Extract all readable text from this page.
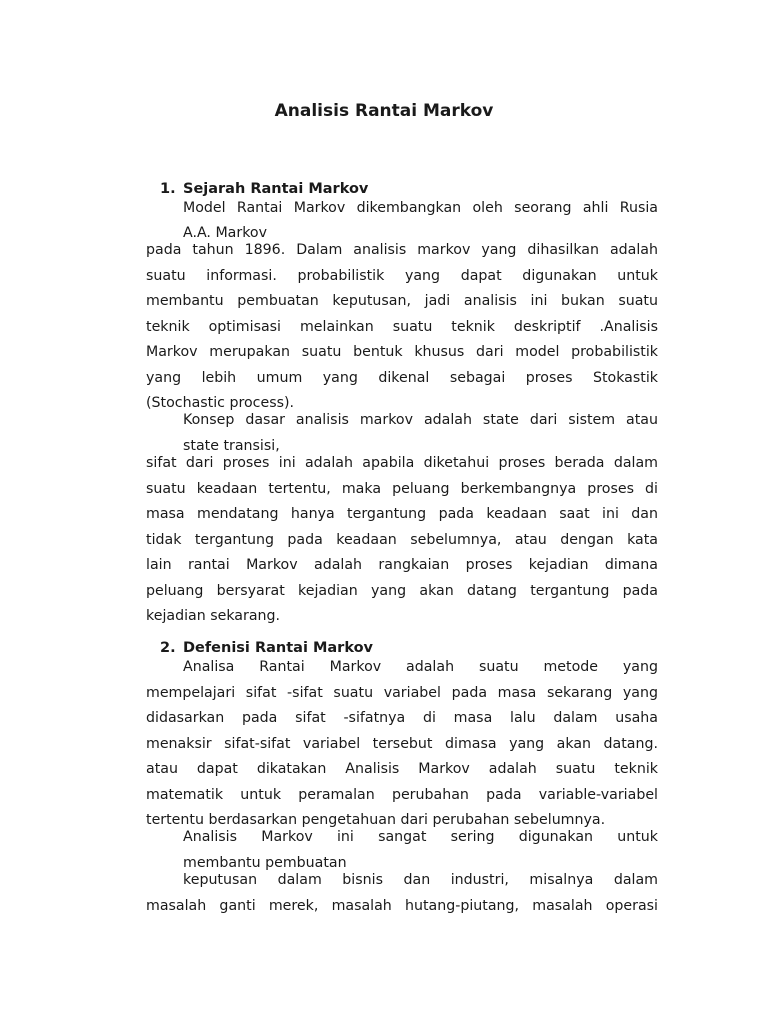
Analisis Rantai Markov
1. Sejarah Rantai Markov
Model Rantai Markov dikembangkan oleh seorang ahli Rusia
A.A. Markov
pada tahun 1896. Dalam analisis markov yang dihasilkan adalah
suatu informasi. probabilistik yang dapat digunakan untuk
membantu pembuatan keputusan, jadi analisis ini bukan suatu
teknik optimisasi melainkan suatu teknik deskriptif .Analisis
Markov merupakan suatu bentuk khusus dari model probabilistik
yang lebih umum yang dikenal sebagai proses Stokastik
(Stochastic process).
Konsep dasar analisis markov adalah state dari sistem atau
state transisi,
sifat dari proses ini adalah apabila diketahui proses berada dalam
suatu keadaan tertentu, maka peluang berkembangnya proses di
masa mendatang hanya tergantung pada keadaan saat ini dan
tidak tergantung pada keadaan sebelumnya, atau dengan kata
lain rantai Markov adalah rangkaian proses kejadian dimana
peluang bersyarat kejadian yang akan datang tergantung pada
kejadian sekarang.
2. Defenisi Rantai Markov
Analisa Rantai Markov adalah suatu metode yang
mempelajari sifat -sifat suatu variabel pada masa sekarang yang
didasarkan pada sifat -sifatnya di masa lalu dalam usaha
menaksir sifat-sifat variabel tersebut dimasa yang akan datang.
atau dapat dikatakan Analisis Markov adalah suatu teknik
matematik untuk peramalan perubahan pada variable-variabel
tertentu berdasarkan pengetahuan dari perubahan sebelumnya.
Analisis Markov ini sangat sering digunakan untuk
membantu pembuatan
keputusan dalam bisnis dan industri, misalnya dalam
masalah ganti merek, masalah hutang-piutang, masalah operasi
